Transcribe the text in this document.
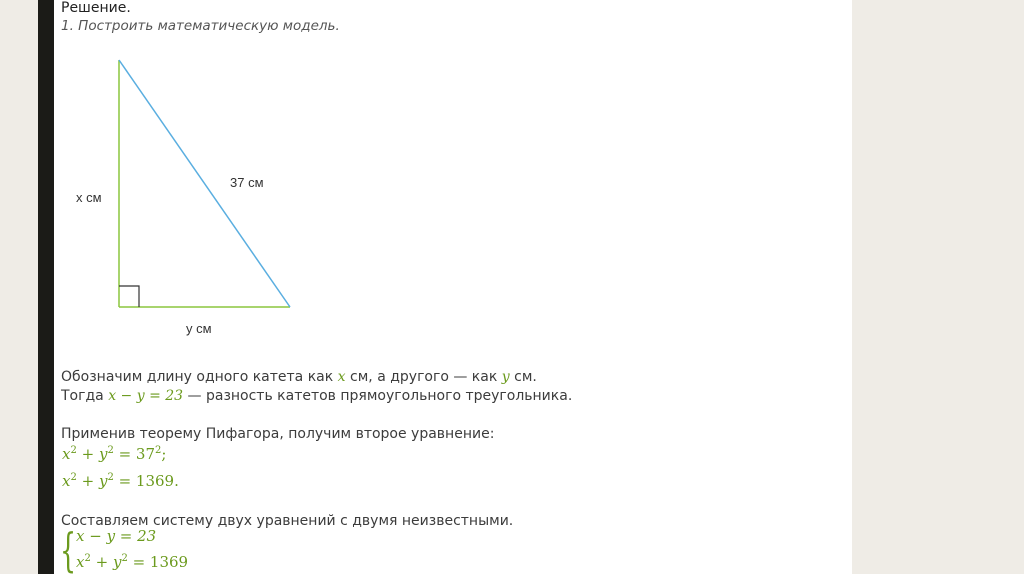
Решение.
1. Построить математическую модель.
х см
37 см
у см
Обозначим длину одного катета как x см, а другого — как y см.
Тогда x − y = 23 — разность катетов прямоугольного треугольника.
Применив теорему Пифагора, получим второе уравнение:
$x^2 + y^2 = 37^2$;
$x^2 + y^2 = 1369$.
Составляем систему двух уравнений с двумя неизвестными.
{ x − y = 23
$x^2 + y^2 = 1369$
